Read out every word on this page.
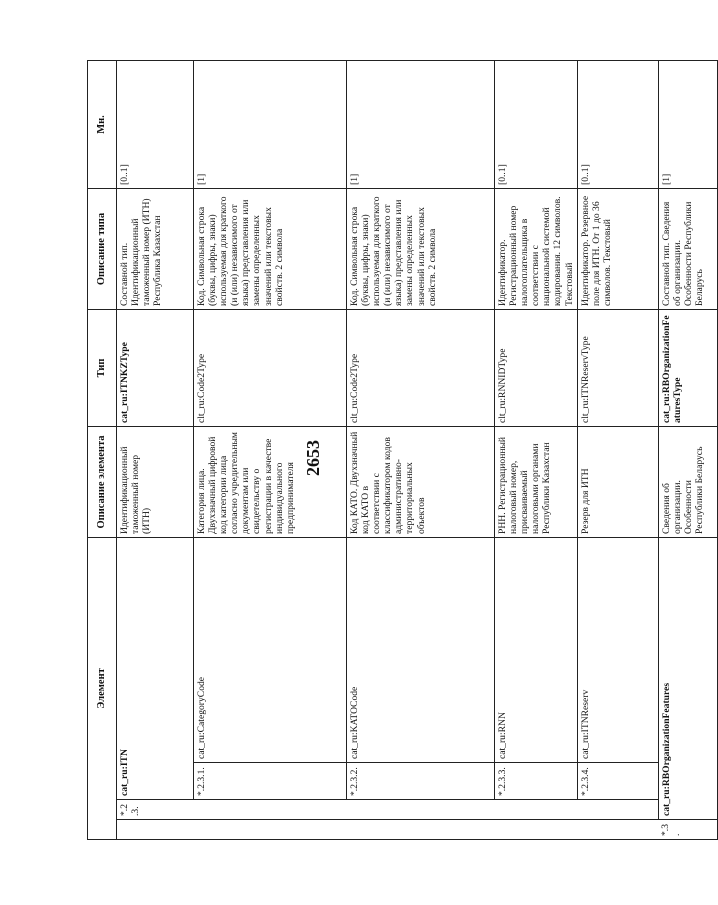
2653
Элемент				Описание элемента	Тип	Описание типа	Мн.
	*.2.3.	cat_ru:ITN		Идентификационный таможенный номер (ИТН)	cat_ru:ITNKZType	Составной тип. Идентификационный таможенный номер (ИТН) Республика Казахстан	[0..1]
		*.2.3.1.	cat_ru:CategoryCode	Категория лица. Двухзначный цифровой код категории лица согласно учредительным документам или свидетельству о регистрации в качестве индивидуального предпринимателя	clt_ru:Code2Type	Код. Символьная строка (буквы, цифры, знаки) используемая для краткого (и (или) независимого от языка) представления или замены определенных значений или текстовых свойств. 2 символа	[1]
		*.2.3.2.	cat_ru:KATOCode	Код КАТО. Двухзначный код КАТО в соответствии с классификатором кодов административно-территориальных объектов	clt_ru:Code2Type	Код. Символьная строка (буквы, цифры, знаки) используемая для краткого (и (или) независимого от языка) представления или замены определенных значений или текстовых свойств. 2 символа	[1]
		*.2.3.3.	cat_ru:RNN	РНН. Регистрационный налоговый номер, присваиваемый налоговыми органами Республики Казахстан	clt_ru:RNNIDType	Идентификатор. Регистрационный номер налогоплательщика в соответствии с национальной системой кодирования. 12 символов. Текстовый	[0..1]
		*.2.3.4.	cat_ru:ITNReserv	Резерв для ИТН	clt_ru:ITNReservType	Идентификатор. Резервное поле для ИТН. От 1 до 36 символов. Текстовый	[0..1]
*.3.	cat_ru:RBOrganizationFeatures			Сведения об организации. Особенности Республики Беларусь	cat_ru:RBOrganizationFeaturesType	Составной тип. Сведения об организации. Особенности Республики Беларусь	[1]
